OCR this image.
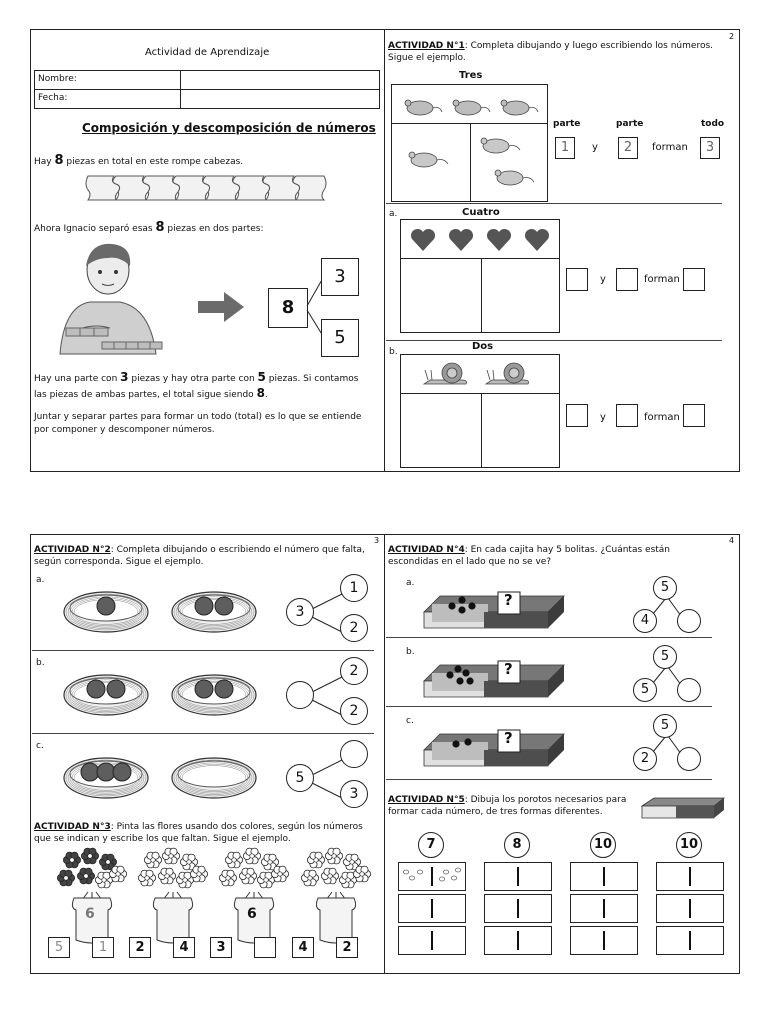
2
Actividad de Aprendizaje
Nombre:
Fecha:
Composición y descomposición de números
Hay 8 piezas en total en este rompe cabezas.
Ahora Ignacio separó esas 8 piezas en dos partes:
8
3
5
Hay una parte con 3 piezas y hay otra parte con 5 piezas. Si contamos
las piezas de ambas partes, el total sigue siendo 8.
Juntar y separar partes para formar un todo (total) es lo que se entiende
por componer y descomponer números.
ACTIVIDAD N°1: Completa dibujando y luego escribiendo los números.
Sigue el ejemplo.
Tres
parte	parte	todo
1	y	2	forman	3
a.	Cuatro
y	forman
b.	Dos
y	forman
3	4
ACTIVIDAD N°2: Completa dibujando o escribiendo el número que falta,
según corresponda. Sigue el ejemplo.
a.
3
1
2
b.	2
2
c.
5
3
ACTIVIDAD N°3: Pinta las flores usando dos colores, según los números
que se indican y escribe los que faltan. Sigue el ejemplo.
6
5	1	2	4
6
3	4	2
ACTIVIDAD N°4: En cada cajita hay 5 bolitas. ¿Cuántas están
escondidas en el lado que no se ve?
a.
?
5
4
b.
?
5
5
c.
?
5
2
ACTIVIDAD N°5: Dibuja los porotos necesarios para
formar cada número, de tres formas diferentes.
7	8	10	10
